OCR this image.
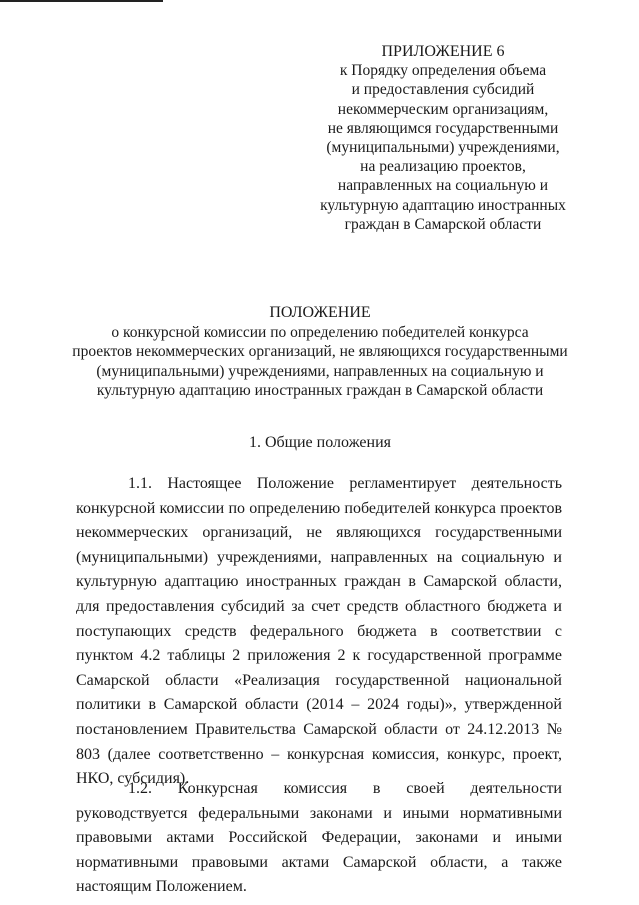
ПРИЛОЖЕНИЕ 6
к Порядку определения объема
и предоставления субсидий
некоммерческим организациям,
не являющимся государственными
(муниципальными) учреждениями,
на реализацию проектов,
направленных на социальную и
культурную адаптацию иностранных
граждан в Самарской области
ПОЛОЖЕНИЕ
о конкурсной комиссии по определению победителей конкурса
проектов некоммерческих организаций, не являющихся государственными
(муниципальными) учреждениями, направленных на социальную и
культурную адаптацию иностранных граждан в Самарской области
1. Общие положения

1.1. Настоящее Положение регламентирует деятельность конкурсной комиссии по определению победителей конкурса проектов некоммерческих организаций, не являющихся государственными (муниципальными) учреждениями, направленных на социальную и культурную адаптацию иностранных граждан в Самарской области, для предоставления субсидий за счет средств областного бюджета и поступающих средств федерального бюджета в соответствии с пунктом 4.2 таблицы 2 приложения 2 к государственной программе Самарской области «Реализация государственной национальной политики в Самарской области (2014 – 2024 годы)», утвержденной постановлением Правительства Самарской области от 24.12.2013 № 803 (далее соответственно – конкурсная комиссия, конкурс, проект, НКО, субсидия).

1.2. Конкурсная комиссия в своей деятельности руководствуется федеральными законами и иными нормативными правовыми актами Российской Федерации, законами и иными нормативными правовыми актами Самарской области, а также настоящим Положением.
